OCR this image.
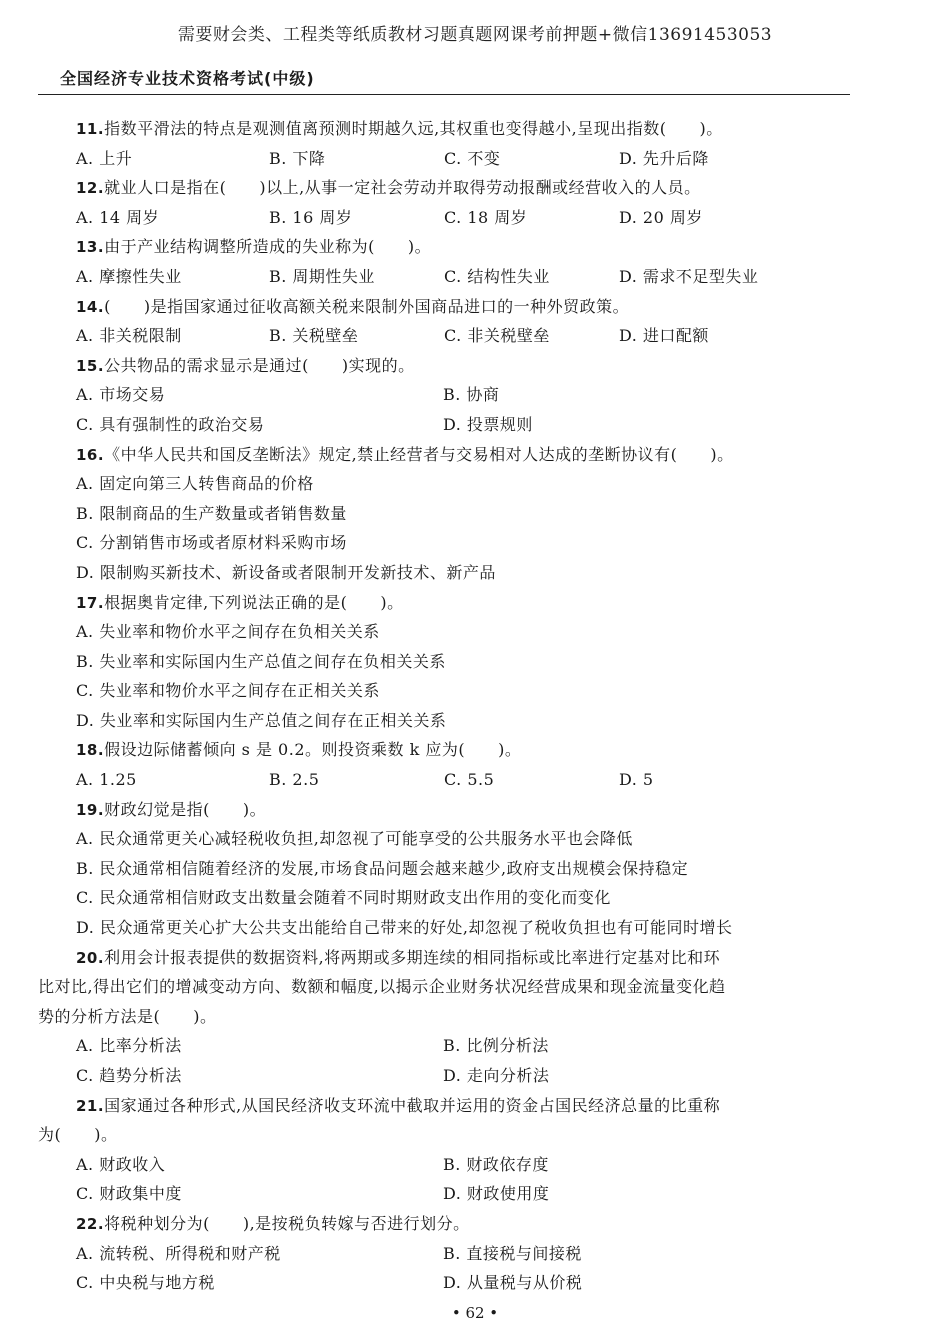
需要财会类、工程类等纸质教材习题真题网课考前押题+微信13691453053
全国经济专业技术资格考试(中级)
11.指数平滑法的特点是观测值离预测时期越久远,其权重也变得越小,呈现出指数(　　)。
A. 上升	B. 下降	C. 不变	D. 先升后降
12.就业人口是指在(　　)以上,从事一定社会劳动并取得劳动报酬或经营收入的人员。
A. 14 周岁	B. 16 周岁	C. 18 周岁	D. 20 周岁
13.由于产业结构调整所造成的失业称为(　　)。
A. 摩擦性失业	B. 周期性失业	C. 结构性失业	D. 需求不足型失业
14.(　　)是指国家通过征收高额关税来限制外国商品进口的一种外贸政策。
A. 非关税限制	B. 关税壁垒	C. 非关税壁垒	D. 进口配额
15.公共物品的需求显示是通过(　　)实现的。
A. 市场交易	B. 协商
C. 具有强制性的政治交易	D. 投票规则
16.《中华人民共和国反垄断法》规定,禁止经营者与交易相对人达成的垄断协议有(　　)。
A. 固定向第三人转售商品的价格
B. 限制商品的生产数量或者销售数量
C. 分割销售市场或者原材料采购市场
D. 限制购买新技术、新设备或者限制开发新技术、新产品
17.根据奥肯定律,下列说法正确的是(　　)。
A. 失业率和物价水平之间存在负相关关系
B. 失业率和实际国内生产总值之间存在负相关关系
C. 失业率和物价水平之间存在正相关关系
D. 失业率和实际国内生产总值之间存在正相关关系
18.假设边际储蓄倾向 s 是 0.2。则投资乘数 k 应为(　　)。
A. 1.25	B. 2.5	C. 5.5	D. 5
19.财政幻觉是指(　　)。
A. 民众通常更关心减轻税收负担,却忽视了可能享受的公共服务水平也会降低
B. 民众通常相信随着经济的发展,市场食品问题会越来越少,政府支出规模会保持稳定
C. 民众通常相信财政支出数量会随着不同时期财政支出作用的变化而变化
D. 民众通常更关心扩大公共支出能给自己带来的好处,却忽视了税收负担也有可能同时增长
20.利用会计报表提供的数据资料,将两期或多期连续的相同指标或比率进行定基对比和环
比对比,得出它们的增减变动方向、数额和幅度,以揭示企业财务状况经营成果和现金流量变化趋
势的分析方法是(　　)。
A. 比率分析法	B. 比例分析法
C. 趋势分析法	D. 走向分析法
21.国家通过各种形式,从国民经济收支环流中截取并运用的资金占国民经济总量的比重称
为(　　)。
A. 财政收入	B. 财政依存度
C. 财政集中度	D. 财政使用度
22.将税种划分为(　　),是按税负转嫁与否进行划分。
A. 流转税、所得税和财产税	B. 直接税与间接税
C. 中央税与地方税	D. 从量税与从价税
• 62 •
